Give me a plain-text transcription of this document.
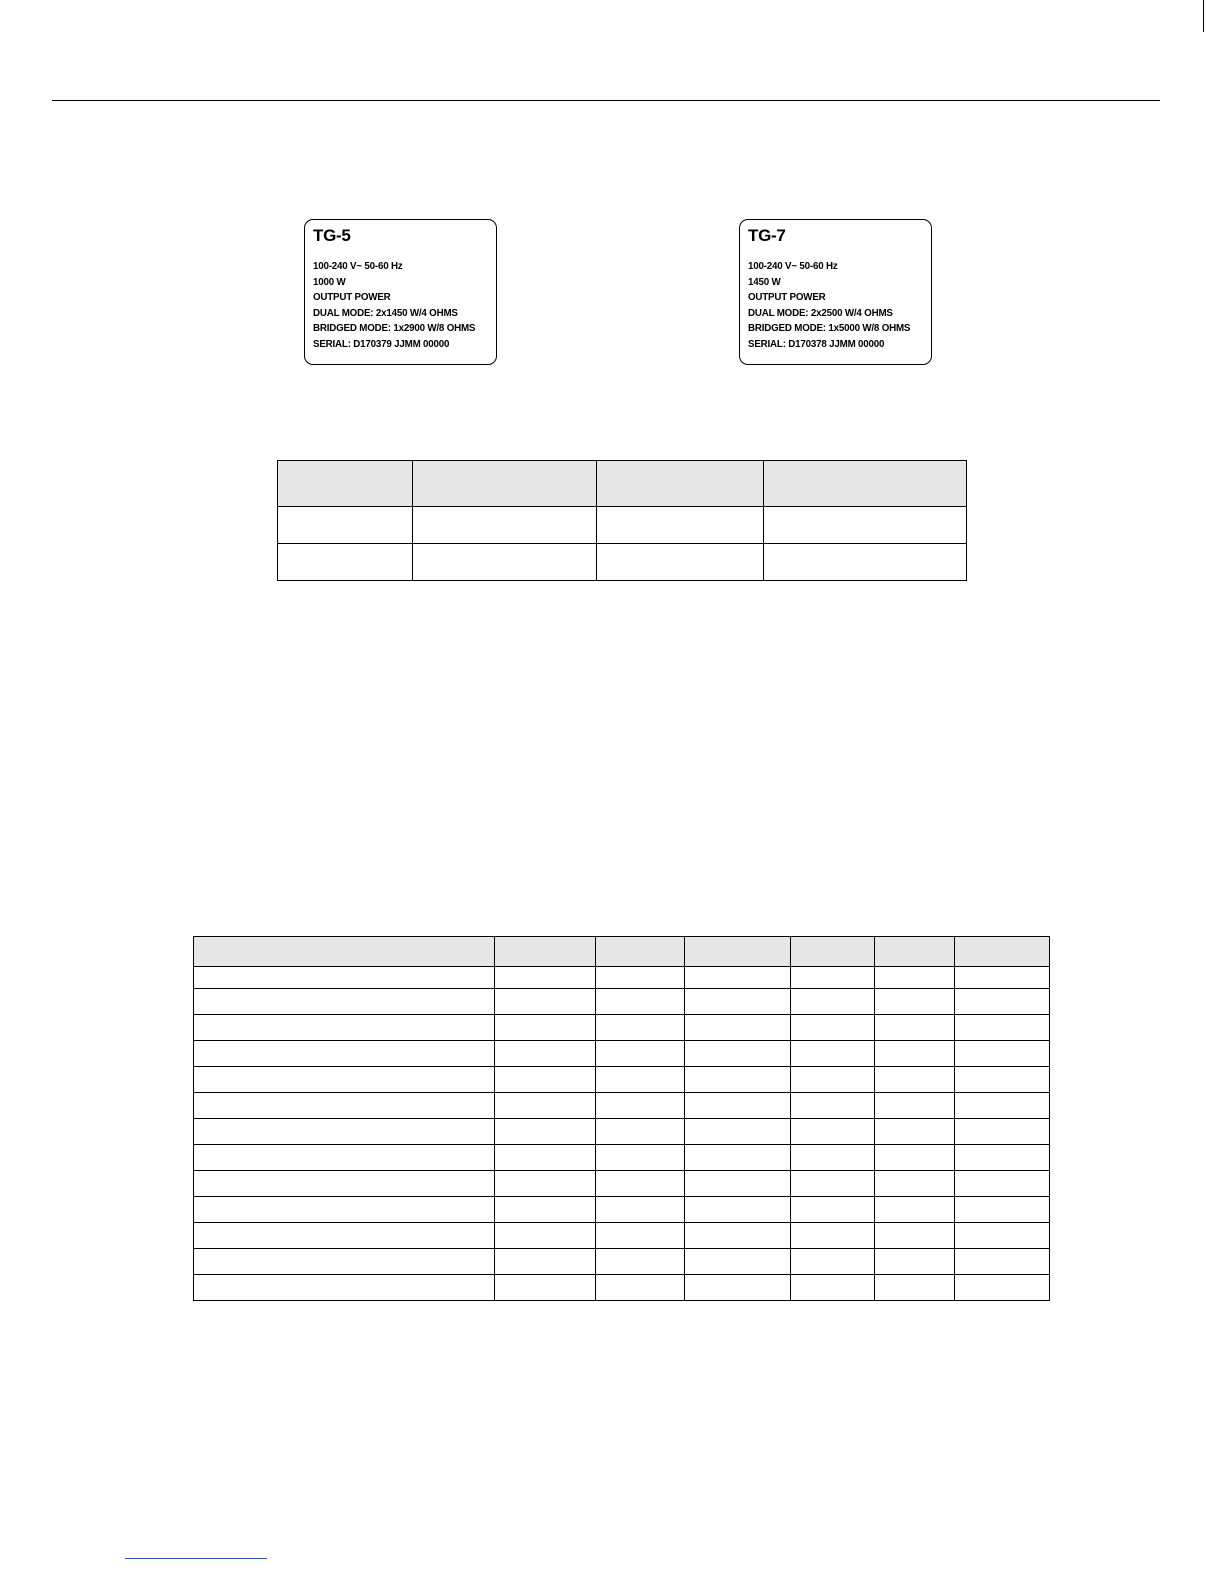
TG-5
100-240 V~ 50-60 Hz
1000 W
OUTPUT POWER
DUAL MODE: 2x1450 W/4 OHMS
BRIDGED MODE: 1x2900 W/8 OHMS
SERIAL: D170379 JJMM 00000
TG-7
100-240 V~ 50-60 Hz
1450 W
OUTPUT POWER
DUAL MODE: 2x2500 W/4 OHMS
BRIDGED MODE: 1x5000 W/8 OHMS
SERIAL: D170378 JJMM 00000
